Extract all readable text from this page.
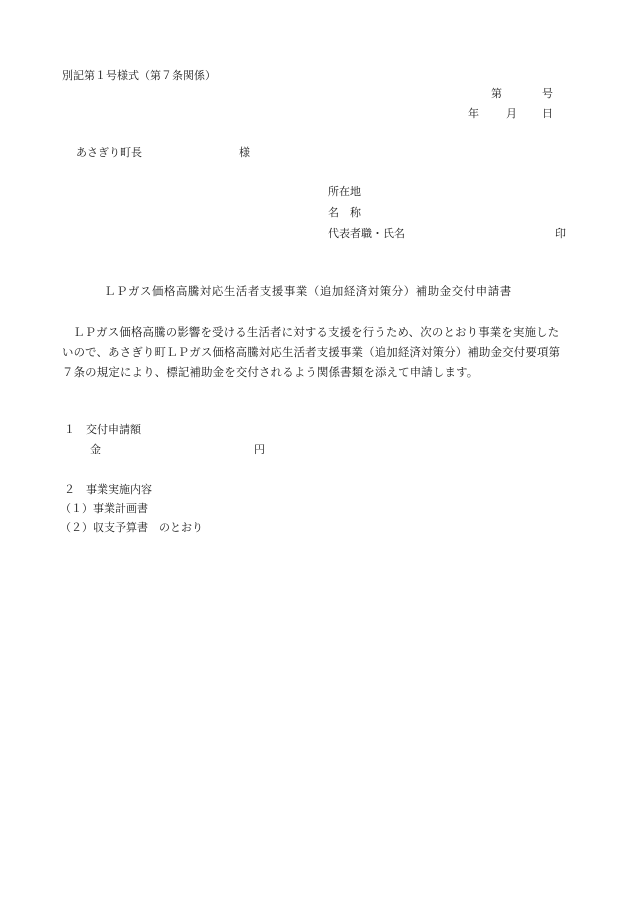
別記第１号様式（第７条関係）
第	号
年 月 日
あさぎり町長	様
所在地
名　称
代表者職・氏名	印
ＬＰガス価格高騰対応生活者支援事業（追加経済対策分）補助金交付申請書
ＬＰガス価格高騰の影響を受ける生活者に対する支援を行うため、次のとおり事業を実施したいので、あさぎり町ＬＰガス価格高騰対応生活者支援事業（追加経済対策分）補助金交付要項第７条の規定により、標記補助金を交付されるよう関係書類を添えて申請します。
１　交付申請額
金	円
２　事業実施内容
（１）事業計画書
（２）収支予算書　のとおり
